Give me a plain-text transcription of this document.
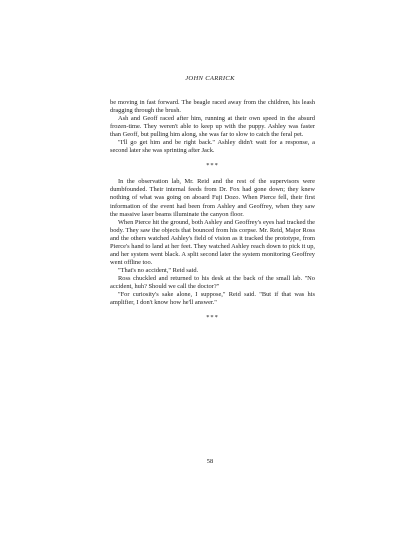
JOHN CARRICK

be moving in fast forward. The beagle raced away from the children, his leash dragging through the brush.

Ash and Geoff raced after him, running at their own speed in the absurd frozen-time. They weren't able to keep up with the puppy. Ashley was faster than Geoff, but pulling him along, she was far to slow to catch the feral pet.

"I'll go get him and be right back." Ashley didn't wait for a response, a second later she was sprinting after Jack.

***

In the observation lab, Mr. Reid and the rest of the supervisors were dumbfounded. Their internal feeds from Dr. Fox had gone down; they knew nothing of what was going on aboard Fuji Dozo. When Pierce fell, their first information of the event had been from Ashley and Geoffrey, when they saw the massive laser beams illuminate the canyon floor.

When Pierce hit the ground, both Ashley and Geoffrey's eyes had tracked the body. They saw the objects that bounced from his corpse. Mr. Reid, Major Ross and the others watched Ashley's field of vision as it tracked the prototype, from Pierce's hand to land at her feet. They watched Ashley reach down to pick it up, and her system went black. A split second later the system monitoring Geoffrey went offline too.

"That's no accident," Reid said.

Ross chuckled and returned to his desk at the back of the small lab. "No accident, huh? Should we call the doctor?"

"For curiosity's sake alone, I suppose," Reid said. "But if that was his amplifier, I don't know how he'll answer."

***

58
